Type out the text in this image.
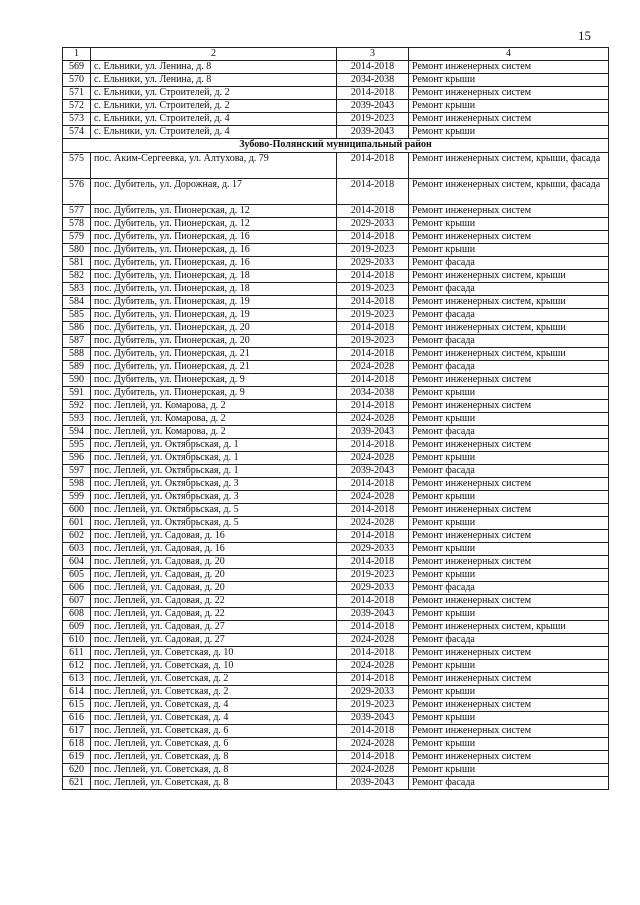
15
1	2	3	4
569	с. Ельники, ул. Ленина, д. 8	2014-2018	Ремонт инженерных систем
570	с. Ельники, ул. Ленина, д. 8	2034-2038	Ремонт крыши
571	с. Ельники, ул. Строителей, д. 2	2014-2018	Ремонт инженерных систем
572	с. Ельники, ул. Строителей, д. 2	2039-2043	Ремонт крыши
573	с. Ельники, ул. Строителей, д. 4	2019-2023	Ремонт инженерных систем
574	с. Ельники, ул. Строителей, д. 4	2039-2043	Ремонт крыши
Зубово-Полянский муниципальный район			
575	пос. Аким-Сергеевка, ул. Алтухова, д. 79	2014-2018	Ремонт инженерных систем, крыши, фасада
576	пос. Дубитель, ул. Дорожная, д. 17	2014-2018	Ремонт инженерных систем, крыши, фасада
577	пос. Дубитель, ул. Пионерская, д. 12	2014-2018	Ремонт инженерных систем
578	пос. Дубитель, ул. Пионерская, д. 12	2029-2033	Ремонт крыши
579	пос. Дубитель, ул. Пионерская, д. 16	2014-2018	Ремонт инженерных систем
580	пос. Дубитель, ул. Пионерская, д. 16	2019-2023	Ремонт крыши
581	пос. Дубитель, ул. Пионерская, д. 16	2029-2033	Ремонт фасада
582	пос. Дубитель, ул. Пионерская, д. 18	2014-2018	Ремонт инженерных систем, крыши
583	пос. Дубитель, ул. Пионерская, д. 18	2019-2023	Ремонт фасада
584	пос. Дубитель, ул. Пионерская, д. 19	2014-2018	Ремонт инженерных систем, крыши
585	пос. Дубитель, ул. Пионерская, д. 19	2019-2023	Ремонт фасада
586	пос. Дубитель, ул. Пионерская, д. 20	2014-2018	Ремонт инженерных систем, крыши
587	пос. Дубитель, ул. Пионерская, д. 20	2019-2023	Ремонт фасада
588	пос. Дубитель, ул. Пионерская, д. 21	2014-2018	Ремонт инженерных систем, крыши
589	пос. Дубитель, ул. Пионерская, д. 21	2024-2028	Ремонт фасада
590	пос. Дубитель, ул. Пионерская, д. 9	2014-2018	Ремонт инженерных систем
591	пос. Дубитель, ул. Пионерская, д. 9	2034-2038	Ремонт крыши
592	пос. Леплей, ул. Комарова, д. 2	2014-2018	Ремонт инженерных систем
593	пос. Леплей, ул. Комарова, д. 2	2024-2028	Ремонт крыши
594	пос. Леплей, ул. Комарова, д. 2	2039-2043	Ремонт фасада
595	пос. Леплей, ул. Октябрьская, д. 1	2014-2018	Ремонт инженерных систем
596	пос. Леплей, ул. Октябрьская, д. 1	2024-2028	Ремонт крыши
597	пос. Леплей, ул. Октябрьская, д. 1	2039-2043	Ремонт фасада
598	пос. Леплей, ул. Октябрьская, д. 3	2014-2018	Ремонт инженерных систем
599	пос. Леплей, ул. Октябрьская, д. 3	2024-2028	Ремонт крыши
600	пос. Леплей, ул. Октябрьская, д. 5	2014-2018	Ремонт инженерных систем
601	пос. Леплей, ул. Октябрьская, д. 5	2024-2028	Ремонт крыши
602	пос. Леплей, ул. Садовая, д. 16	2014-2018	Ремонт инженерных систем
603	пос. Леплей, ул. Садовая, д. 16	2029-2033	Ремонт крыши
604	пос. Леплей, ул. Садовая, д. 20	2014-2018	Ремонт инженерных систем
605	пос. Леплей, ул. Садовая, д. 20	2019-2023	Ремонт крыши
606	пос. Леплей, ул. Садовая, д. 20	2029-2033	Ремонт фасада
607	пос. Леплей, ул. Садовая, д. 22	2014-2018	Ремонт инженерных систем
608	пос. Леплей, ул. Садовая, д. 22	2039-2043	Ремонт крыши
609	пос. Леплей, ул. Садовая, д. 27	2014-2018	Ремонт инженерных систем, крыши
610	пос. Леплей, ул. Садовая, д. 27	2024-2028	Ремонт фасада
611	пос. Леплей, ул. Советская, д. 10	2014-2018	Ремонт инженерных систем
612	пос. Леплей, ул. Советская, д. 10	2024-2028	Ремонт крыши
613	пос. Леплей, ул. Советская, д. 2	2014-2018	Ремонт инженерных систем
614	пос. Леплей, ул. Советская, д. 2	2029-2033	Ремонт крыши
615	пос. Леплей, ул. Советская, д. 4	2019-2023	Ремонт инженерных систем
616	пос. Леплей, ул. Советская, д. 4	2039-2043	Ремонт крыши
617	пос. Леплей, ул. Советская, д. 6	2014-2018	Ремонт инженерных систем
618	пос. Леплей, ул. Советская, д. 6	2024-2028	Ремонт крыши
619	пос. Леплей, ул. Советская, д. 8	2014-2018	Ремонт инженерных систем
620	пос. Леплей, ул. Советская, д. 8	2024-2028	Ремонт крыши
621	пос. Леплей, ул. Советская, д. 8	2039-2043	Ремонт фасада
